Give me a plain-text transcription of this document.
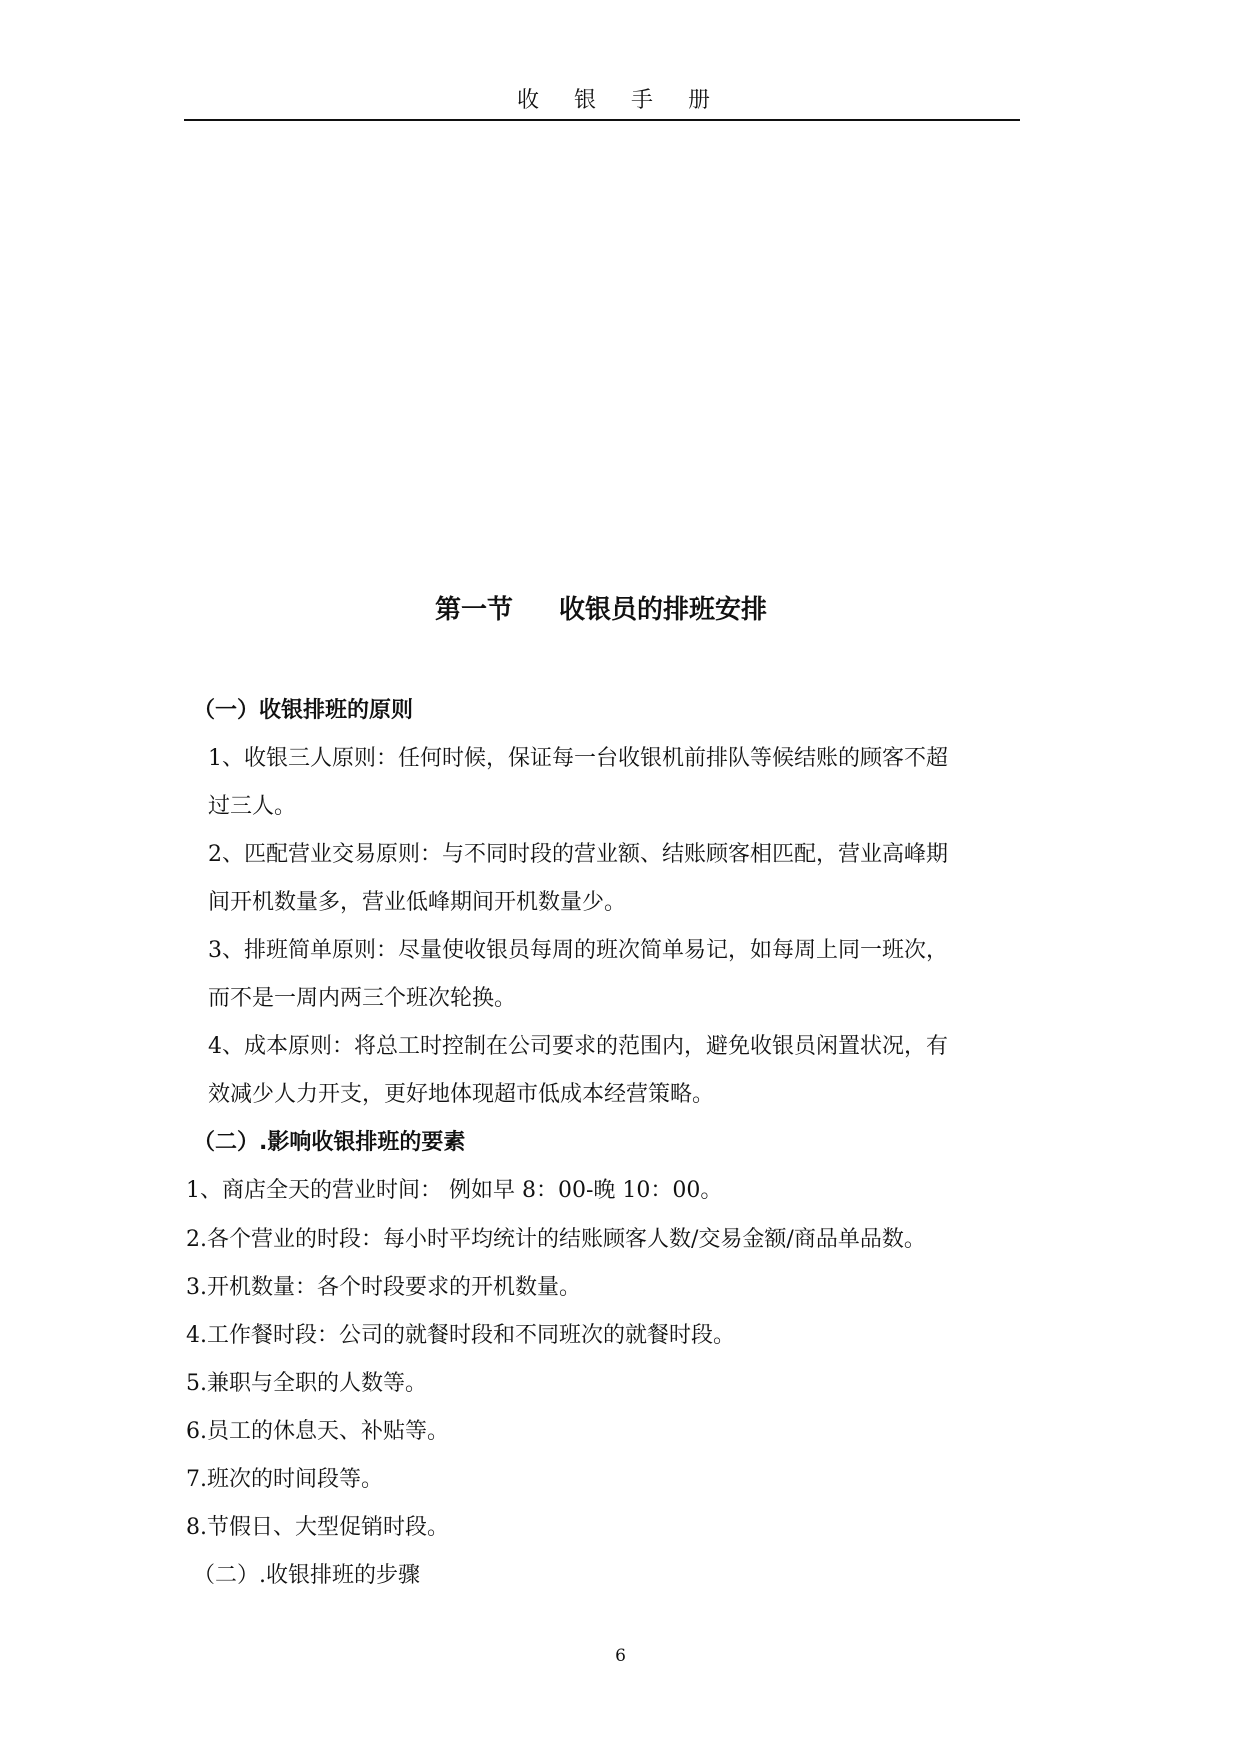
收 银 手 册
第一节 收银员的排班安排
（一）收银排班的原则
1、收银三人原则：任何时候，保证每一台收银机前排队等候结账的顾客不超
过三人。
2、匹配营业交易原则：与不同时段的营业额、结账顾客相匹配，营业高峰期
间开机数量多，营业低峰期间开机数量少。
3、排班简单原则：尽量使收银员每周的班次简单易记，如每周上同一班次，
而不是一周内两三个班次轮换。
4、成本原则：将总工时控制在公司要求的范围内，避免收银员闲置状况，有
效减少人力开支，更好地体现超市低成本经营策略。
（二）.影响收银排班的要素
1、商店全天的营业时间： 例如早 8：00-晚 10：00。
2.各个营业的时段：每小时平均统计的结账顾客人数/交易金额/商品单品数。
3.开机数量：各个时段要求的开机数量。
4.工作餐时段：公司的就餐时段和不同班次的就餐时段。
5.兼职与全职的人数等。
6.员工的休息天、补贴等。
7.班次的时间段等。
8.节假日、大型促销时段。
（二）.收银排班的步骤
6
